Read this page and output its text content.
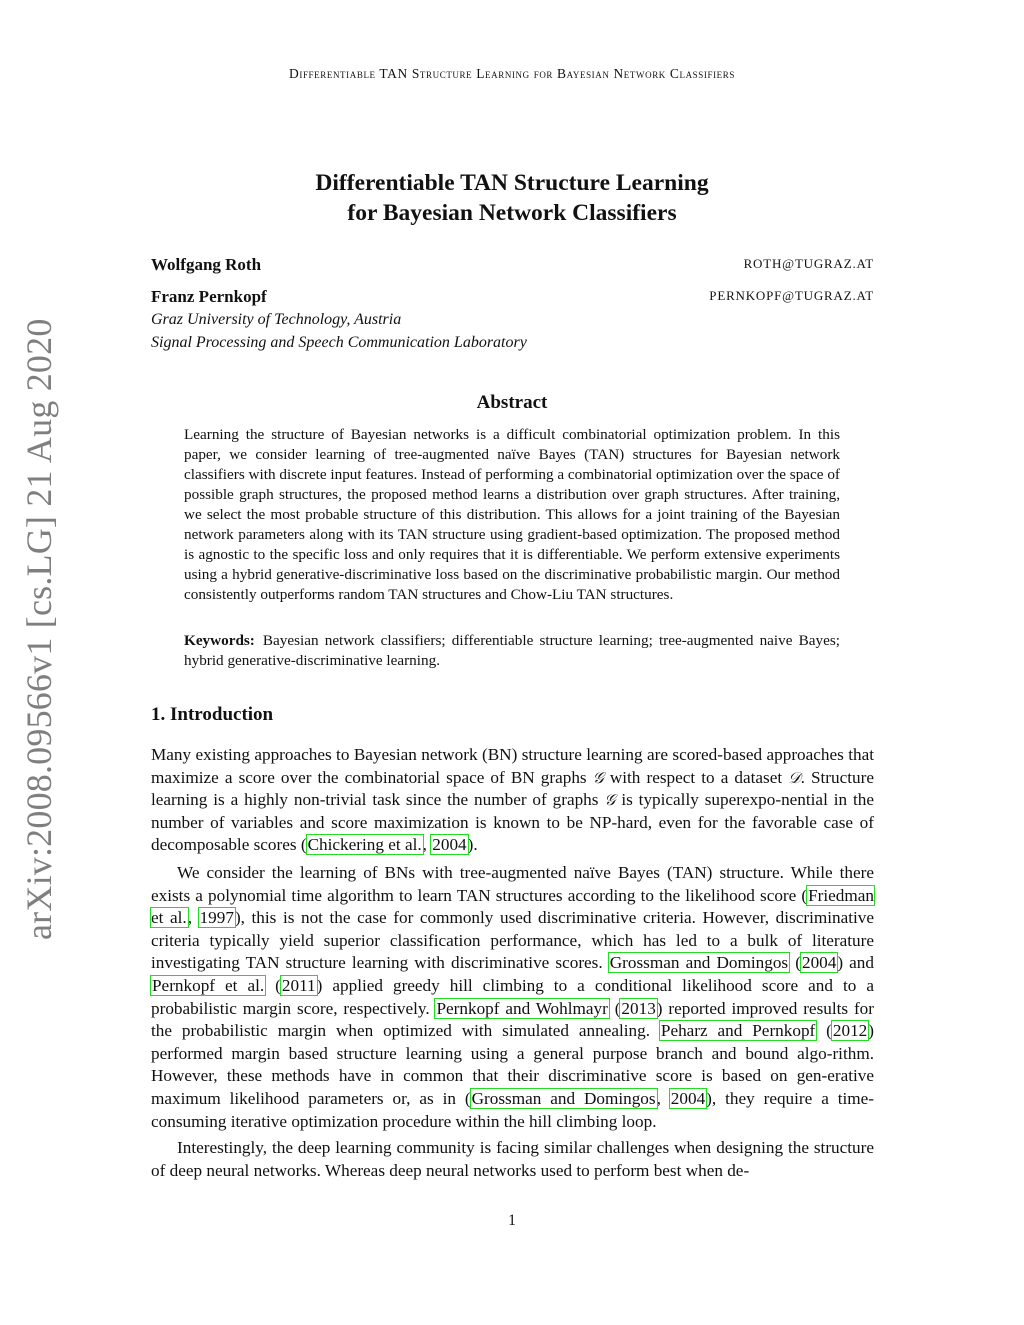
Differentiable TAN Structure Learning for Bayesian Network Classifiers
Differentiable TAN Structure Learning
for Bayesian Network Classifiers
Wolfgang Roth	ROTH@TUGRAZ.AT
Franz Pernkopf	PERNKOPF@TUGRAZ.AT
Graz University of Technology, Austria
Signal Processing and Speech Communication Laboratory
arXiv:2008.09566v1 [cs.LG] 21 Aug 2020	Abstract

Learning the structure of Bayesian networks is a difficult combinatorial optimization problem. In this paper, we consider learning of tree-augmented naïve Bayes (TAN) structures for Bayesian network classifiers with discrete input features. Instead of performing a combinatorial optimization over the space of possible graph structures, the proposed method learns a distribution over graph structures. After training, we select the most probable structure of this distribution. This allows for a joint training of the Bayesian network parameters along with its TAN structure using gradient-based optimization. The proposed method is agnostic to the specific loss and only requires that it is differentiable. We perform extensive experiments using a hybrid generative-discriminative loss based on the discriminative probabilistic margin. Our method consistently outperforms random TAN structures and Chow-Liu TAN structures.

Keywords: Bayesian network classifiers; differentiable structure learning; tree-augmented naive Bayes; hybrid generative-discriminative learning.

1. Introduction

Many existing approaches to Bayesian network (BN) structure learning are scored-based approaches that maximize a score over the combinatorial space of BN graphs 𝒢 with respect to a dataset 𝒟. Structure learning is a highly non-trivial task since the number of graphs 𝒢 is typically superexpo-nential in the number of variables and score maximization is known to be NP-hard, even for the favorable case of decomposable scores (Chickering et al., 2004).

We consider the learning of BNs with tree-augmented naïve Bayes (TAN) structure. While there exists a polynomial time algorithm to learn TAN structures according to the likelihood score (Friedman et al., 1997), this is not the case for commonly used discriminative criteria. However, discriminative criteria typically yield superior classification performance, which has led to a bulk of literature investigating TAN structure learning with discriminative scores. Grossman and Domingos (2004) and Pernkopf et al. (2011) applied greedy hill climbing to a conditional likelihood score and to a probabilistic margin score, respectively. Pernkopf and Wohlmayr (2013) reported improved results for the probabilistic margin when optimized with simulated annealing. Peharz and Pernkopf (2012) performed margin based structure learning using a general purpose branch and bound algo-rithm. However, these methods have in common that their discriminative score is based on gen-erative maximum likelihood parameters or, as in (Grossman and Domingos, 2004), they require a time-consuming iterative optimization procedure within the hill climbing loop.

Interestingly, the deep learning community is facing similar challenges when designing the structure of deep neural networks. Whereas deep neural networks used to perform best when de-

1
